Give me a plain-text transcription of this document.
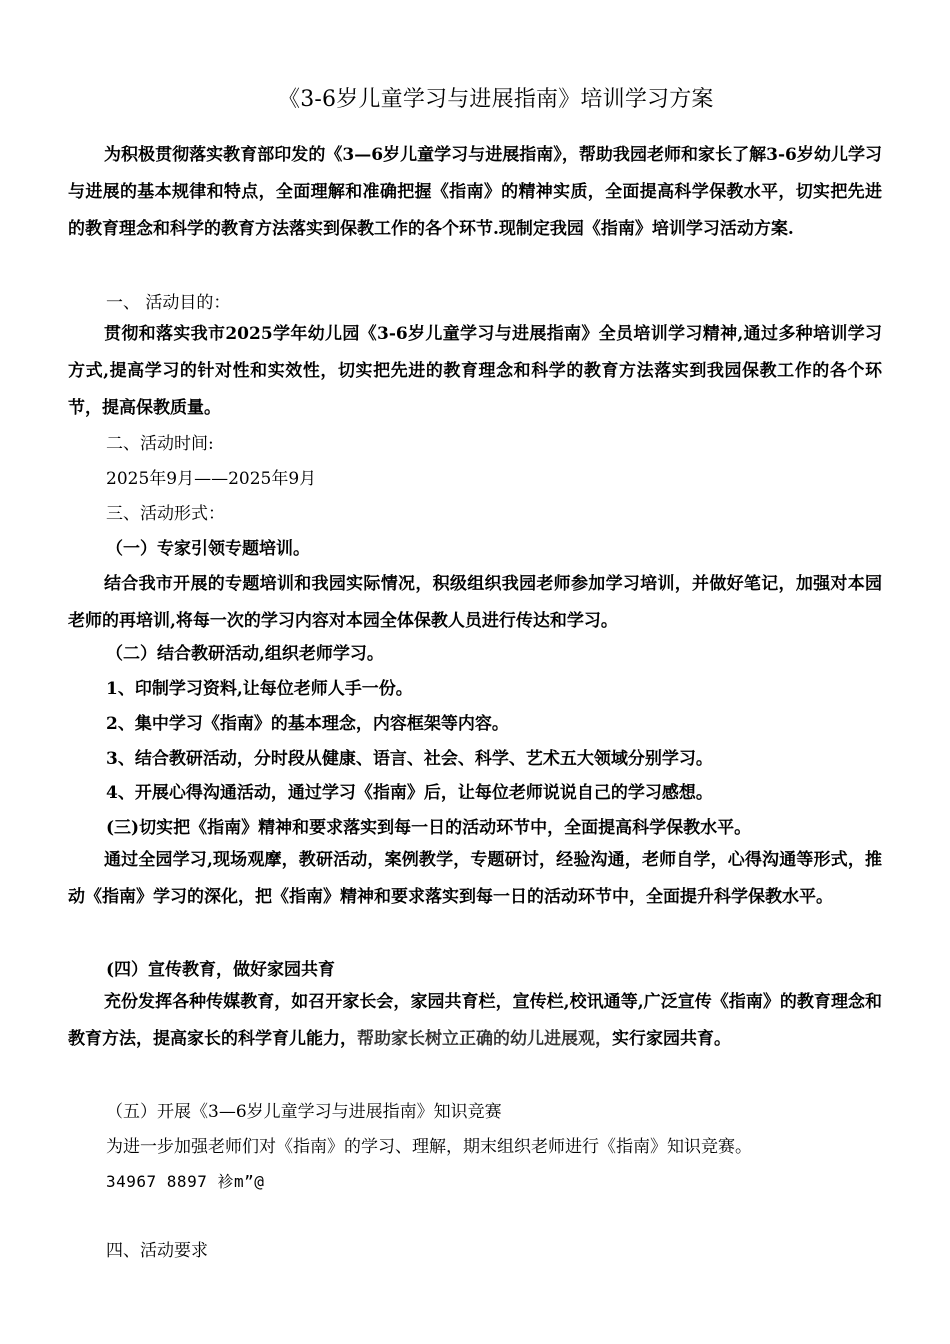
《3-6岁儿童学习与进展指南》培训学习方案
为积极贯彻落实教育部印发的《3—6岁儿童学习与进展指南》，帮助我园老师和家长了解3-6岁幼儿学习与进展的基本规律和特点，全面理解和准确把握《指南》的精神实质，全面提高科学保教水平，切实把先进的教育理念和科学的教育方法落实到保教工作的各个环节.现制定我园《指南》培训学习活动方案.
一、 活动目的：
贯彻和落实我市2025学年幼儿园《3-6岁儿童学习与进展指南》全员培训学习精神,通过多种培训学习方式,提高学习的针对性和实效性，切实把先进的教育理念和科学的教育方法落实到我园保教工作的各个环节，提高保教质量。
二、活动时间:
2025年9月——2025年9月
三、活动形式：
（一）专家引领专题培训。
结合我市开展的专题培训和我园实际情况，积级组织我园老师参加学习培训，并做好笔记，加强对本园老师的再培训,将每一次的学习内容对本园全体保教人员进行传达和学习。
（二）结合教研活动,组织老师学习。
1、印制学习资料,让每位老师人手一份。
2、集中学习《指南》的基本理念，内容框架等内容。
3、结合教研活动，分时段从健康、语言、社会、科学、艺术五大领域分别学习。
4、开展心得沟通活动，通过学习《指南》后，让每位老师说说自己的学习感想。
(三)切实把《指南》精神和要求落实到每一日的活动环节中，全面提高科学保教水平。
通过全园学习,现场观摩，教研活动，案例教学，专题研讨，经验沟通，老师自学，心得沟通等形式，推动《指南》学习的深化，把《指南》精神和要求落实到每一日的活动环节中，全面提升科学保教水平。
(四）宣传教育，做好家园共育
充份发挥各种传媒教育，如召开家长会，家园共育栏，宣传栏,校讯通等,广泛宣传《指南》的教育理念和教育方法，提高家长的科学育儿能力，帮助家长树立正确的幼儿进展观，实行家园共育。
（五）开展《3—6岁儿童学习与进展指南》知识竞赛
为进一步加强老师们对《指南》的学习、理解，期末组织老师进行《指南》知识竞赛。
34967 8897 袗m”@
四、活动要求
